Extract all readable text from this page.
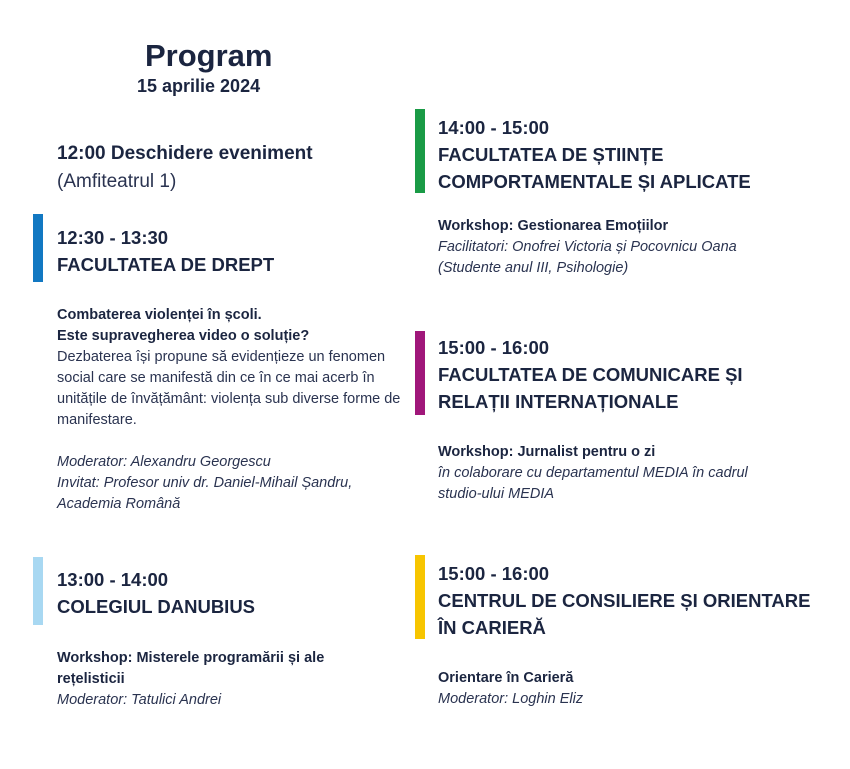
Program
15 aprilie 2024
12:00 Deschidere eveniment
(Amfiteatrul 1)
12:30 - 13:30
FACULTATEA DE DREPT
Combaterea violenței în școli.
Este supravegherea video o soluție?
Dezbaterea își propune să evidențieze un fenomen social care se manifestă din ce în ce mai acerb în unitățile de învățământ: violența sub diverse forme de manifestare.
Moderator: Alexandru Georgescu
Invitat: Profesor univ dr. Daniel-Mihail Șandru, Academia Română
13:00 - 14:00
COLEGIUL DANUBIUS
Workshop: Misterele programării și ale rețelisticii
Moderator: Tatulici Andrei
14:00 - 15:00
FACULTATEA DE ȘTIINȚE
COMPORTAMENTALE ȘI APLICATE
Workshop: Gestionarea Emoțiilor
Facilitatori: Onofrei Victoria și Pocovnicu Oana (Studente anul III, Psihologie)
15:00 - 16:00
FACULTATEA DE COMUNICARE ȘI
RELAȚII INTERNAȚIONALE
Workshop: Jurnalist pentru o zi
în colaborare cu departamentul MEDIA în cadrul studio-ului MEDIA
15:00 - 16:00
CENTRUL DE CONSILIERE ȘI ORIENTARE
ÎN CARIERĂ
Orientare în Carieră
Moderator: Loghin Eliz
